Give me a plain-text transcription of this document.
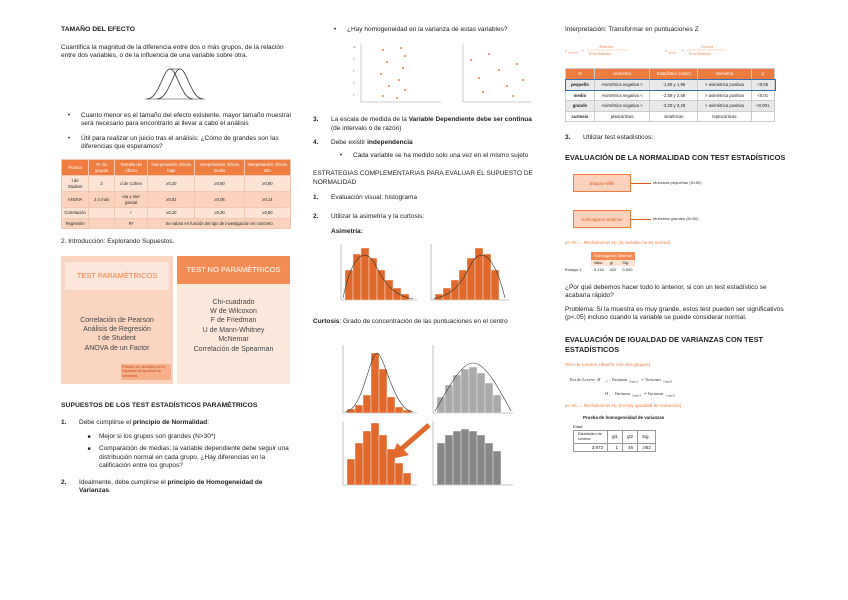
TAMAÑO DEL EFECTO
Cuantifica la magnitud de la diferencia entre dos o más grupos, de la relación entre dos variables, o de la influencia de una variable sobre otra.
•	Cuanto menor es el tamaño del efecto existente, mayor tamaño muestral será necesario para encontrarlo al llevar a cabo el análisis
•	Útil para realizar un juicio tras el análisis: ¿Cómo de grandes son las diferencias que esperamos?
Prueba	Nº de grupos	Tamaño del efecto	Interpretación: Efecto bajo	Interpretación: Efecto medio	Interpretación: Efecto alto
t de Student	2	d de Cohen	≥0,20	≥0,50	≥0,80
ANOVA	2 o más	eta y eta² parcial	≥0,01	≥0,06	≥0,14
Correlación		r	≥0,10	≥0,30	≥0,50
Regresión		R²	Se valora en función del tipo de investigación en concreto		
2. Introducción: Explorando Supuestos.
TEST PARAMÉTRICOS
Correlación de Pearson
Análisis de Regresión
t de Student
ANOVA de un Factor
Pueden ser obviados en el supuesto de igualdad de varianzas
TEST NO PARAMÉTRICOS
Chi-cuadrado
W de Wilcoxon
F de Friedman
U de Mann-Whitney
McNemar
Correlación de Spearman
SUPUESTOS DE LOS TEST ESTADÍSTICOS PARAMÉTRICOS
1.	Debe cumplirse el principio de Normalidad:
■	Mejor si los grupos son grandes (N>30*)
■	Comparación de medias: la variable dependiente debe seguir una distribución normal en cada grupo. ¿Hay diferencias en la calificación entre los grupos?
2.	Idealmente, debe cumplirse el principio de Homogeneidad de Varianzas.
•	¿Hay homogeneidad en la varianza de estas variables?
10
8
6
4
2
3.	La escala de medida de la Variable Dependiente debe ser continua (de intervalo o de razón)
4.	Debe existir independencia
•	Cada variable se ha medido solo una vez en el mismo sujeto
ESTRATEGIAS COMPLEMENTARIAS PARA EVALUAR EL SUPUESTO DE NORMALIDAD
1.	Evaluación visual: histograma
2.	Utilizar la asimetría y la curtosis:
Asimetría:
Curtosis: Grado de concentración de las puntuaciones en el centro
Interpretación: Transformar en puntuaciones Z
z asimetría =
Asimetría
Error Estándar
z curtosis =
Curtosis
Error Estándar
N	asimetría	Estadístico (valor)	asimetría	p
pequeño	Asimétrica negativa <	-1,96 y 1,96	> asimétrica positiva	<0,05
medio	Asimétrica negativa <	-2,58 y 2,58	> asimétrica positiva	<0,01
grande	Asimétrica negativa <	-3,29 y 3,29	> asimétrica positiva	<0,001
curtosis	platicúrticas	simétricas	leptocúrticas	
3.	Utilizar test estadísticos:
EVALUACIÓN DE LA NORMALIDAD CON TEST ESTADÍSTICOS
Shapiro-Wilk	Muestras pequeñas (N<50)
Kolmogorov-Smirnov	Muestras grandes (N>50)
p<.05 → Rechazamos H₀ (la variable no es normal)
	Kolmogorov-Smirnov		
	Valor	gl	Sig.
Ensayo 1	0,116	422	0,000
¿Por qué debemos hacer todo lo anterior, si con un test estadístico se acabaría rápido?
Problema: Si la muestra es muy grande, estos test pueden ser significativos (p<.05) incluso cuando la variable se puede considerar normal.
EVALUACIÓN DE IGUALDAD DE VARIANZAS CON TEST ESTADÍSTICOS
Test de Levene (diseño con dos grupos)
Test de Levene: H	0 : Varianza Grupo A = Varianza Grupo B
H 1 : Varianza Grupo A ≠ Varianza	Grupo B
p<.05 → Rechazamos H₀ (no hay igualdad de varianzas)
Prueba de homogeneidad de varianzas
Edad
Estadístico de Levene	gl1	gl2	Sig.
3,973	1	46	,052
